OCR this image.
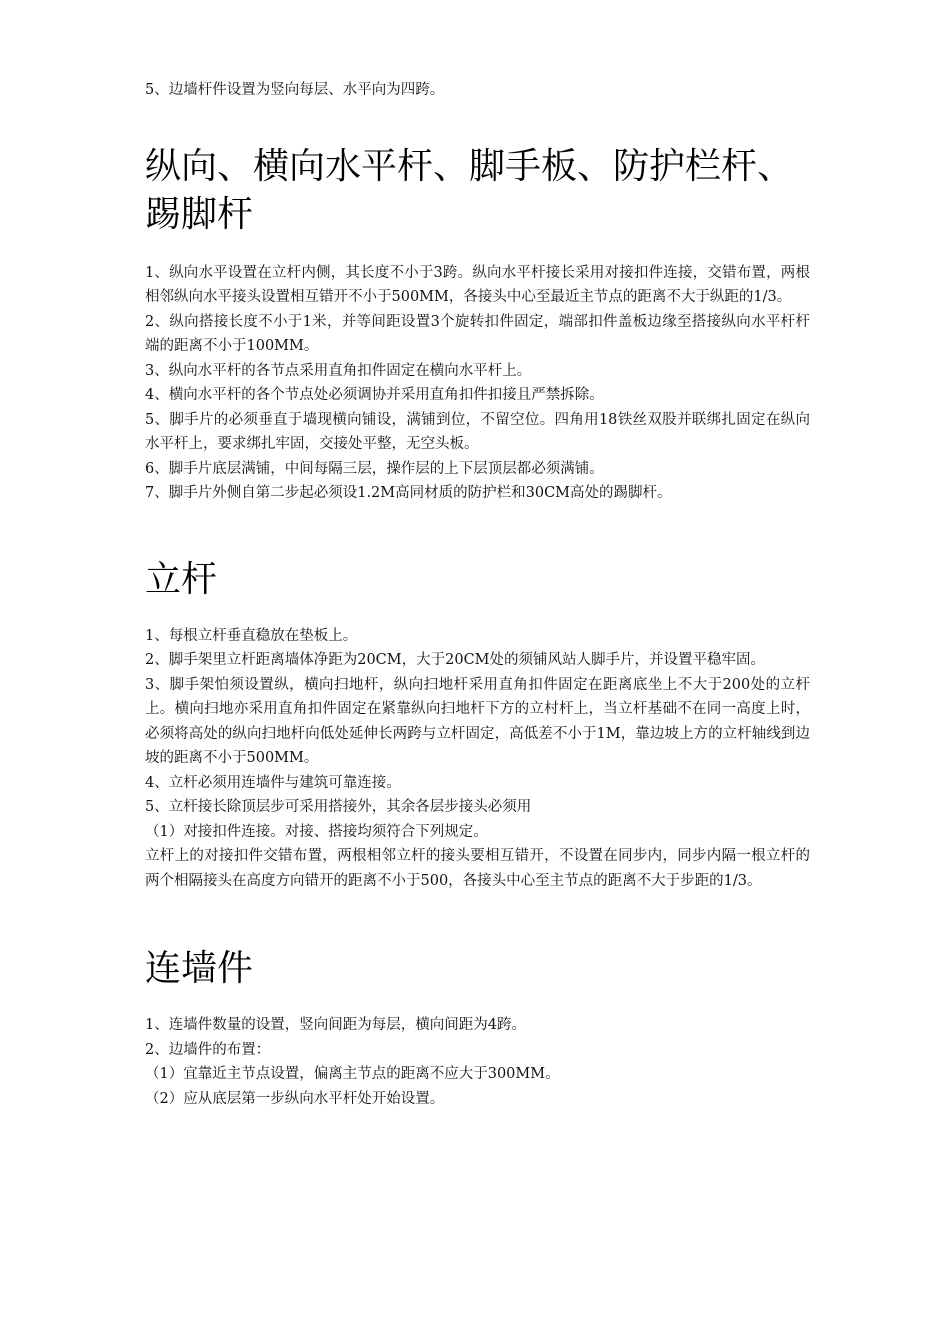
5、边墙杆件设置为竖向每层、水平向为四跨。

纵向、横向水平杆、脚手板、防护栏杆、踢脚杆

1、纵向水平设置在立杆内侧，其长度不小于3跨。纵向水平杆接长采用对接扣件连接，交错布置，两根相邻纵向水平接头设置相互错开不小于500MM，各接头中心至最近主节点的距离不大于纵距的1/3。

2、纵向搭接长度不小于1米，并等间距设置3个旋转扣件固定，端部扣件盖板边缘至搭接纵向水平杆杆端的距离不小于100MM。

3、纵向水平杆的各节点采用直角扣件固定在横向水平杆上。

4、横向水平杆的各个节点处必须调协并采用直角扣件扣接且严禁拆除。

5、脚手片的必须垂直于墙现横向铺设，满铺到位，不留空位。四角用18铁丝双股并联绑扎固定在纵向水平杆上，要求绑扎牢固，交接处平整，无空头板。

6、脚手片底层满铺，中间每隔三层，操作层的上下层顶层都必须满铺。

7、脚手片外侧自第二步起必须设1.2M高同材质的防护栏和30CM高处的踢脚杆。

立杆

1、每根立杆垂直稳放在垫板上。

2、脚手架里立杆距离墙体净距为20CM，大于20CM处的须铺风站人脚手片，并设置平稳牢固。

3、脚手架怕须设置纵，横向扫地杆，纵向扫地杆采用直角扣件固定在距离底坐上不大于200处的立杆上。横向扫地亦采用直角扣件固定在紧靠纵向扫地杆下方的立村杆上，当立杆基础不在同一高度上时，必须将高处的纵向扫地杆向低处延伸长两跨与立杆固定，高低差不小于1M，靠边坡上方的立杆轴线到边坡的距离不小于500MM。

4、立杆必须用连墙件与建筑可靠连接。

5、立杆接长除顶层步可采用搭接外，其余各层步接头必须用

（1）对接扣件连接。对接、搭接均须符合下列规定。

立杆上的对接扣件交错布置，两根相邻立杆的接头要相互错开，不设置在同步内，同步内隔一根立杆的两个相隔接头在高度方向错开的距离不小于500，各接头中心至主节点的距离不大于步距的1/3。

连墙件

1、连墙件数量的设置，竖向间距为每层，横向间距为4跨。

2、边墙件的布置：

（1）宜靠近主节点设置，偏离主节点的距离不应大于300MM。

（2）应从底层第一步纵向水平杆处开始设置。
